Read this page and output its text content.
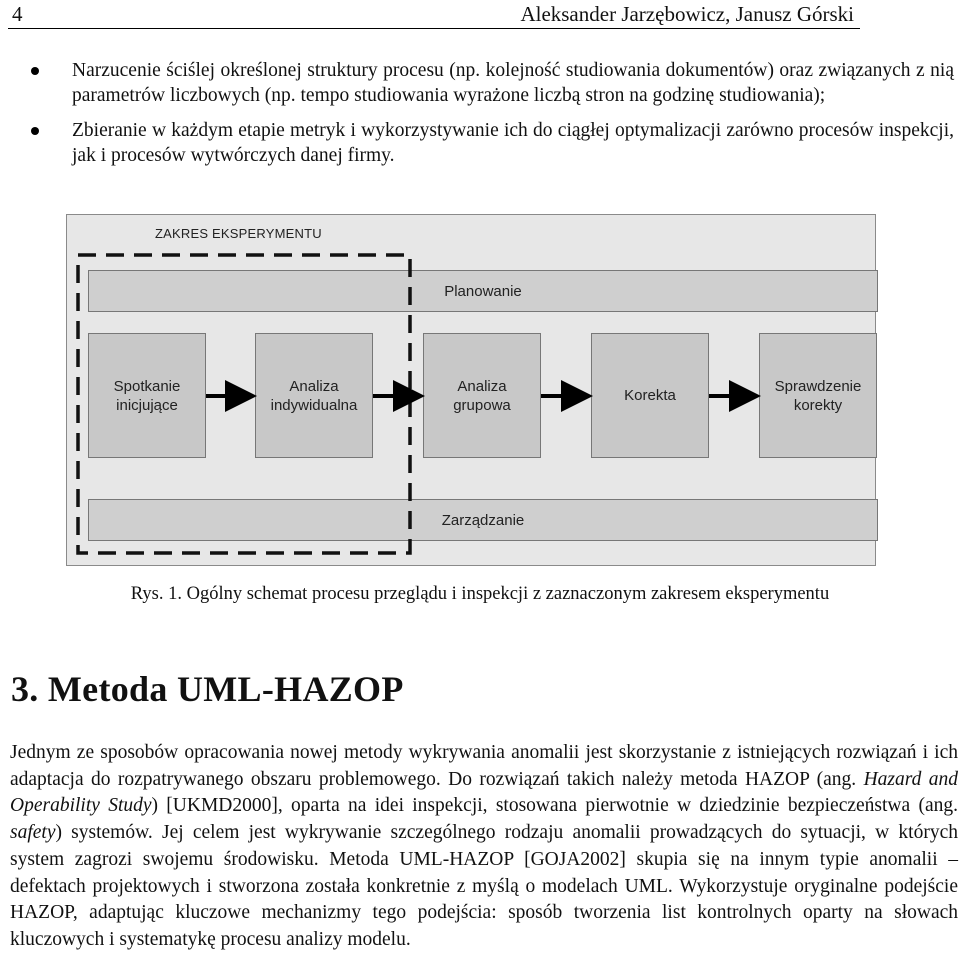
4	Aleksander Jarzębowicz, Janusz Górski
Narzucenie ściślej określonej struktury procesu (np. kolejność studiowania dokumentów) oraz związanych z nią parametrów liczbowych (np. tempo studiowania wyrażone liczbą stron na godzinę studiowania);
Zbieranie w każdym etapie metryk i wykorzystywanie ich do ciągłej optymalizacji zarówno procesów inspekcji, jak i procesów wytwórczych danej firmy.
ZAKRES EKSPERYMENTU
Planowanie
Zarządzanie
Spotkanie
inicjujące
Analiza
indywidualna
Analiza
grupowa
Korekta
Sprawdzenie
korekty
Rys. 1. Ogólny schemat procesu przeglądu i inspekcji z zaznaczonym zakresem eksperymentu
3. Metoda UML-HAZOP
Jednym ze sposobów opracowania nowej metody wykrywania anomalii jest skorzystanie z istniejących rozwiązań i ich adaptacja do rozpatrywanego obszaru problemowego. Do rozwiązań takich należy metoda HAZOP (ang. Hazard and Operability Study) [UKMD2000], oparta na idei inspekcji, stosowana pierwotnie w dziedzinie bezpieczeństwa (ang. safety) systemów. Jej celem jest wykrywanie szczególnego rodzaju anomalii prowadzących do sytuacji, w których system zagrozi swojemu środowisku. Metoda UML-HAZOP [GOJA2002] skupia się na innym typie anomalii – defektach projektowych i stworzona została konkretnie z myślą o modelach UML. Wykorzystuje oryginalne podejście HAZOP, adaptując kluczowe mechanizmy tego podejścia: sposób tworzenia list kontrolnych oparty na słowach kluczowych i systematykę procesu analizy modelu.
